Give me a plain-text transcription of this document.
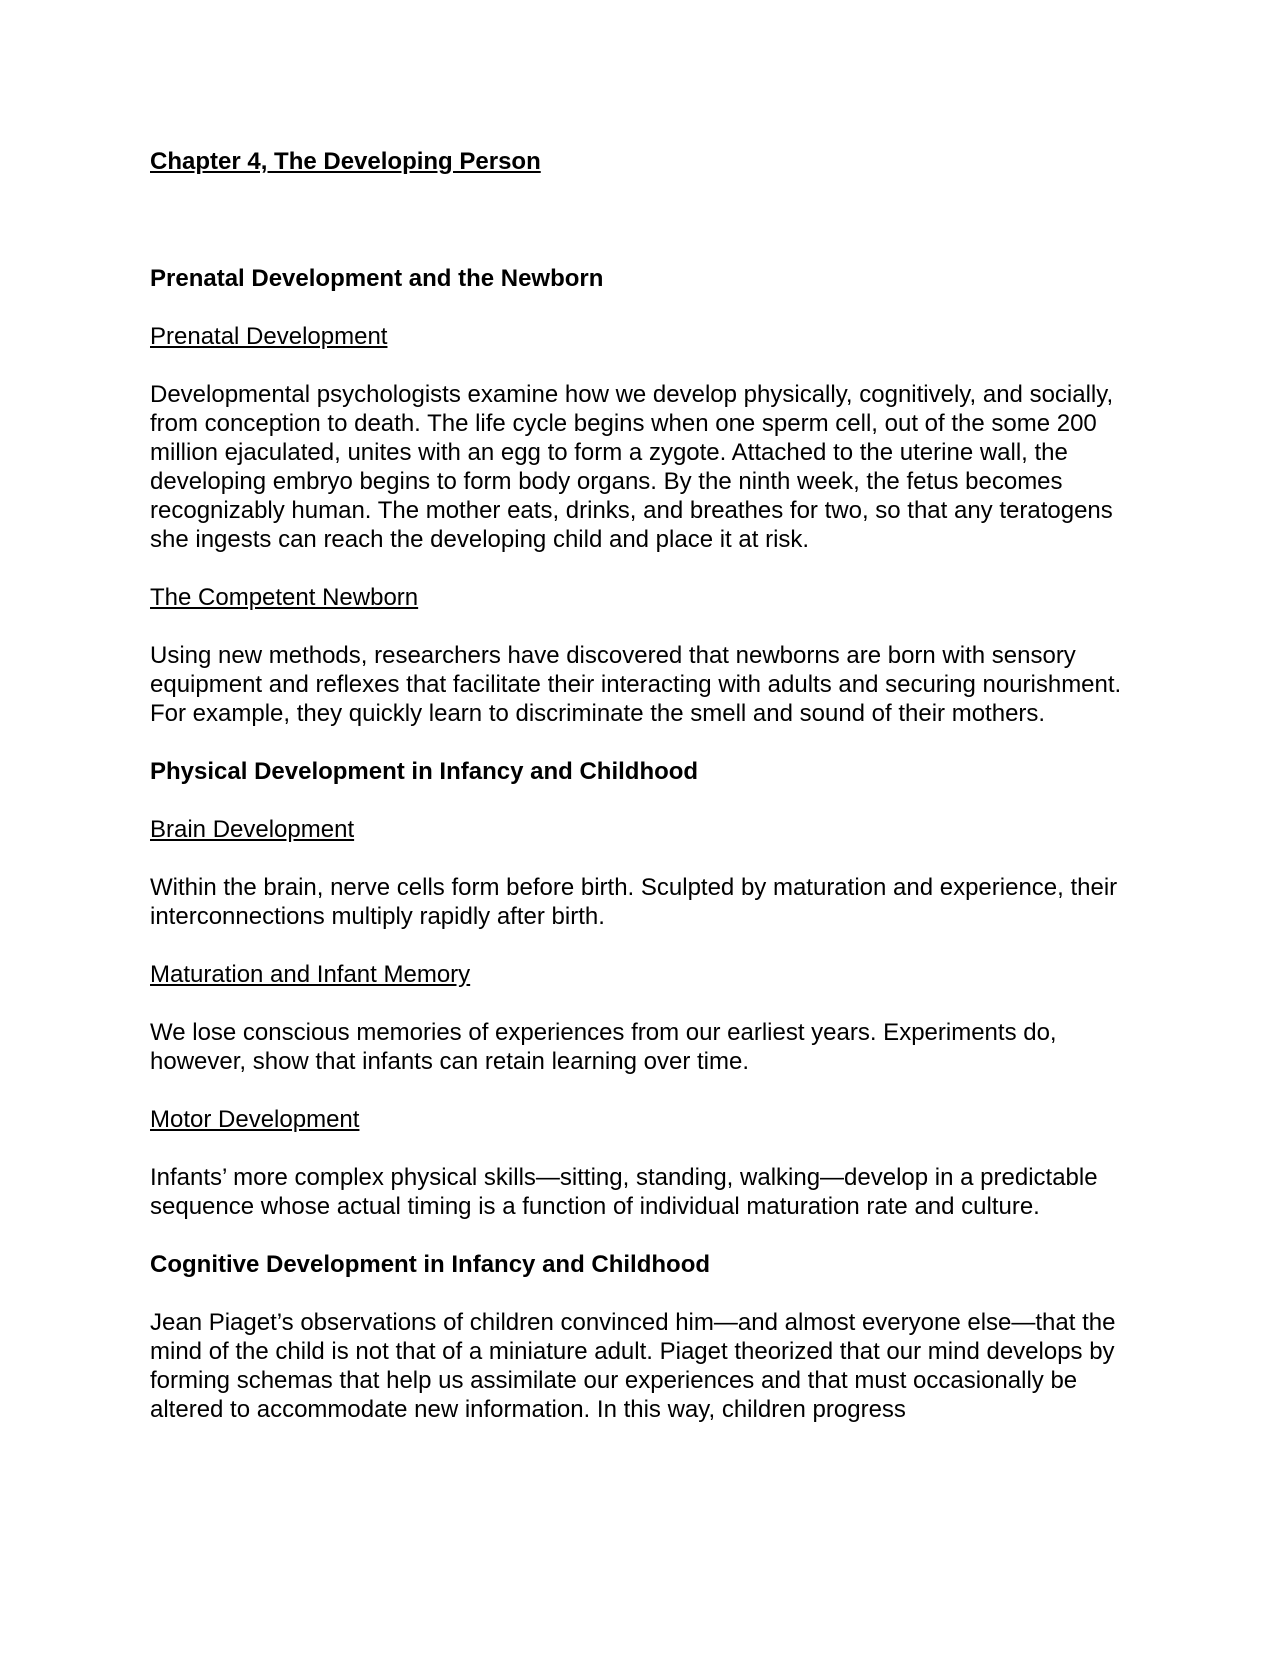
Chapter 4, The Developing Person

Prenatal Development and the Newborn

Prenatal Development

Developmental psychologists examine how we develop physically, cognitively, and socially, from conception to death. The life cycle begins when one sperm cell, out of the some 200 million ejaculated, unites with an egg to form a zygote. Attached to the uterine wall, the developing embryo begins to form body organs. By the ninth week, the fetus becomes recognizably human. The mother eats, drinks, and breathes for two, so that any teratogens she ingests can reach the developing child and place it at risk.

The Competent Newborn

Using new methods, researchers have discovered that newborns are born with sensory equipment and reflexes that facilitate their interacting with adults and securing nourishment. For example, they quickly learn to discriminate the smell and sound of their mothers.

Physical Development in Infancy and Childhood

Brain Development

Within the brain, nerve cells form before birth. Sculpted by maturation and experience, their interconnections multiply rapidly after birth.

Maturation and Infant Memory

We lose conscious memories of experiences from our earliest years. Experiments do, however, show that infants can retain learning over time.

Motor Development

Infants’ more complex physical skills—sitting, standing, walking—develop in a predictable sequence whose actual timing is a function of individual maturation rate and culture.

Cognitive Development in Infancy and Childhood

Jean Piaget’s observations of children convinced him—and almost everyone else—that the mind of the child is not that of a miniature adult. Piaget theorized that our mind develops by forming schemas that help us assimilate our experiences and that must occasionally be altered to accommodate new information. In this way, children progress
